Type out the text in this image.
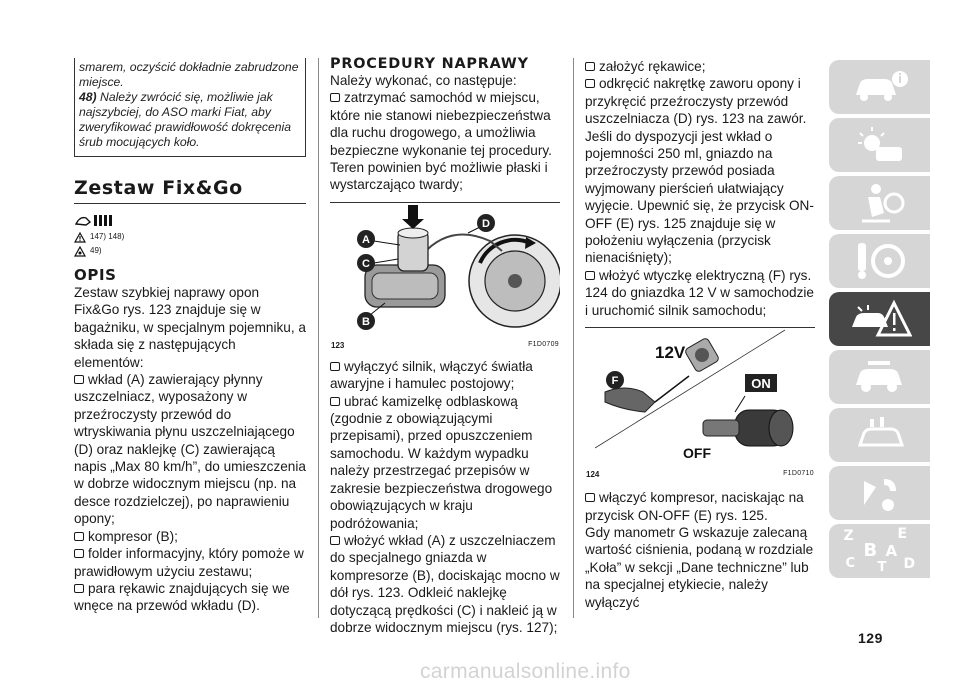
smarem, oczyścić dokładnie zabrudzone miejsce.
48) Należy zwrócić się, możliwie jak najszybciej, do ASO marki Fiat, aby zweryfikować prawidłowość dokręcenia śrub mocujących koło.
Zestaw Fix&Go
147) 148)
49)
OPIS
Zestaw szybkiej naprawy opon Fix&Go rys. 123 znajduje się w bagażniku, w specjalnym pojemniku, a składa się z następujących elementów:
wkład (A) zawierający płynny uszczelniacz, wyposażony w przeźroczysty przewód do wtryskiwania płynu uszczelniającego (D) oraz naklejkę (C) zawierającą napis „Max 80 km/h”, do umieszczenia w dobrze widocznym miejscu (np. na desce rozdzielczej), po naprawieniu opony;
kompresor (B);
folder informacyjny, który pomoże w prawidłowym użyciu zestawu;
para rękawic znajdujących się we wnęce na przewód wkładu (D).
PROCEDURY NAPRAWY
Należy wykonać, co następuje:
zatrzymać samochód w miejscu, które nie stanowi niebezpieczeństwa dla ruchu drogowego, a umożliwia bezpieczne wykonanie tej procedury. Teren powinien być możliwie płaski i wystarczająco twardy;
A
C
B
D
123	F1D0709
wyłączyć silnik, włączyć światła awaryjne i hamulec postojowy;
ubrać kamizelkę odblaskową (zgodnie z obowiązującymi przepisami), przed opuszczeniem samochodu. W każdym wypadku należy przestrzegać przepisów w zakresie bezpieczeństwa drogowego obowiązujących w kraju podróżowania;
włożyć wkład (A) z uszczelniaczem do specjalnego gniazda w kompresorze (B), dociskając mocno w dół rys. 123. Odkleić naklejkę dotyczącą prędkości (C) i nakleić ją w dobrze widocznym miejscu (rys. 127);
założyć rękawice;
odkręcić nakrętkę zaworu opony i przykręcić przeźroczysty przewód uszczelniacza (D) rys. 123 na zawór. Jeśli do dyspozycji jest wkład o pojemności 250 ml, gniazdo na przeźroczysty przewód posiada wyjmowany pierścień ułatwiający wyjęcie. Upewnić się, że przycisk ON-OFF (E) rys. 125 znajduje się w położeniu wyłączenia (przycisk nienaciśnięty);
włożyć wtyczkę elektryczną (F) rys. 124 do gniazdka 12 V w samochodzie i uruchomić silnik samochodu;
12V
F	ON
OFF
124	F1D0710
włączyć kompresor, naciskając na przycisk ON-OFF (E) rys. 125.
Gdy manometr G wskazuje zalecaną wartość ciśnienia, podaną w rozdziale „Koła” w sekcji „Dane techniczne” lub na specjalnej etykiecie, należy wyłączyć
Z	E
B A
C T D
129
carmanualsonline.info
